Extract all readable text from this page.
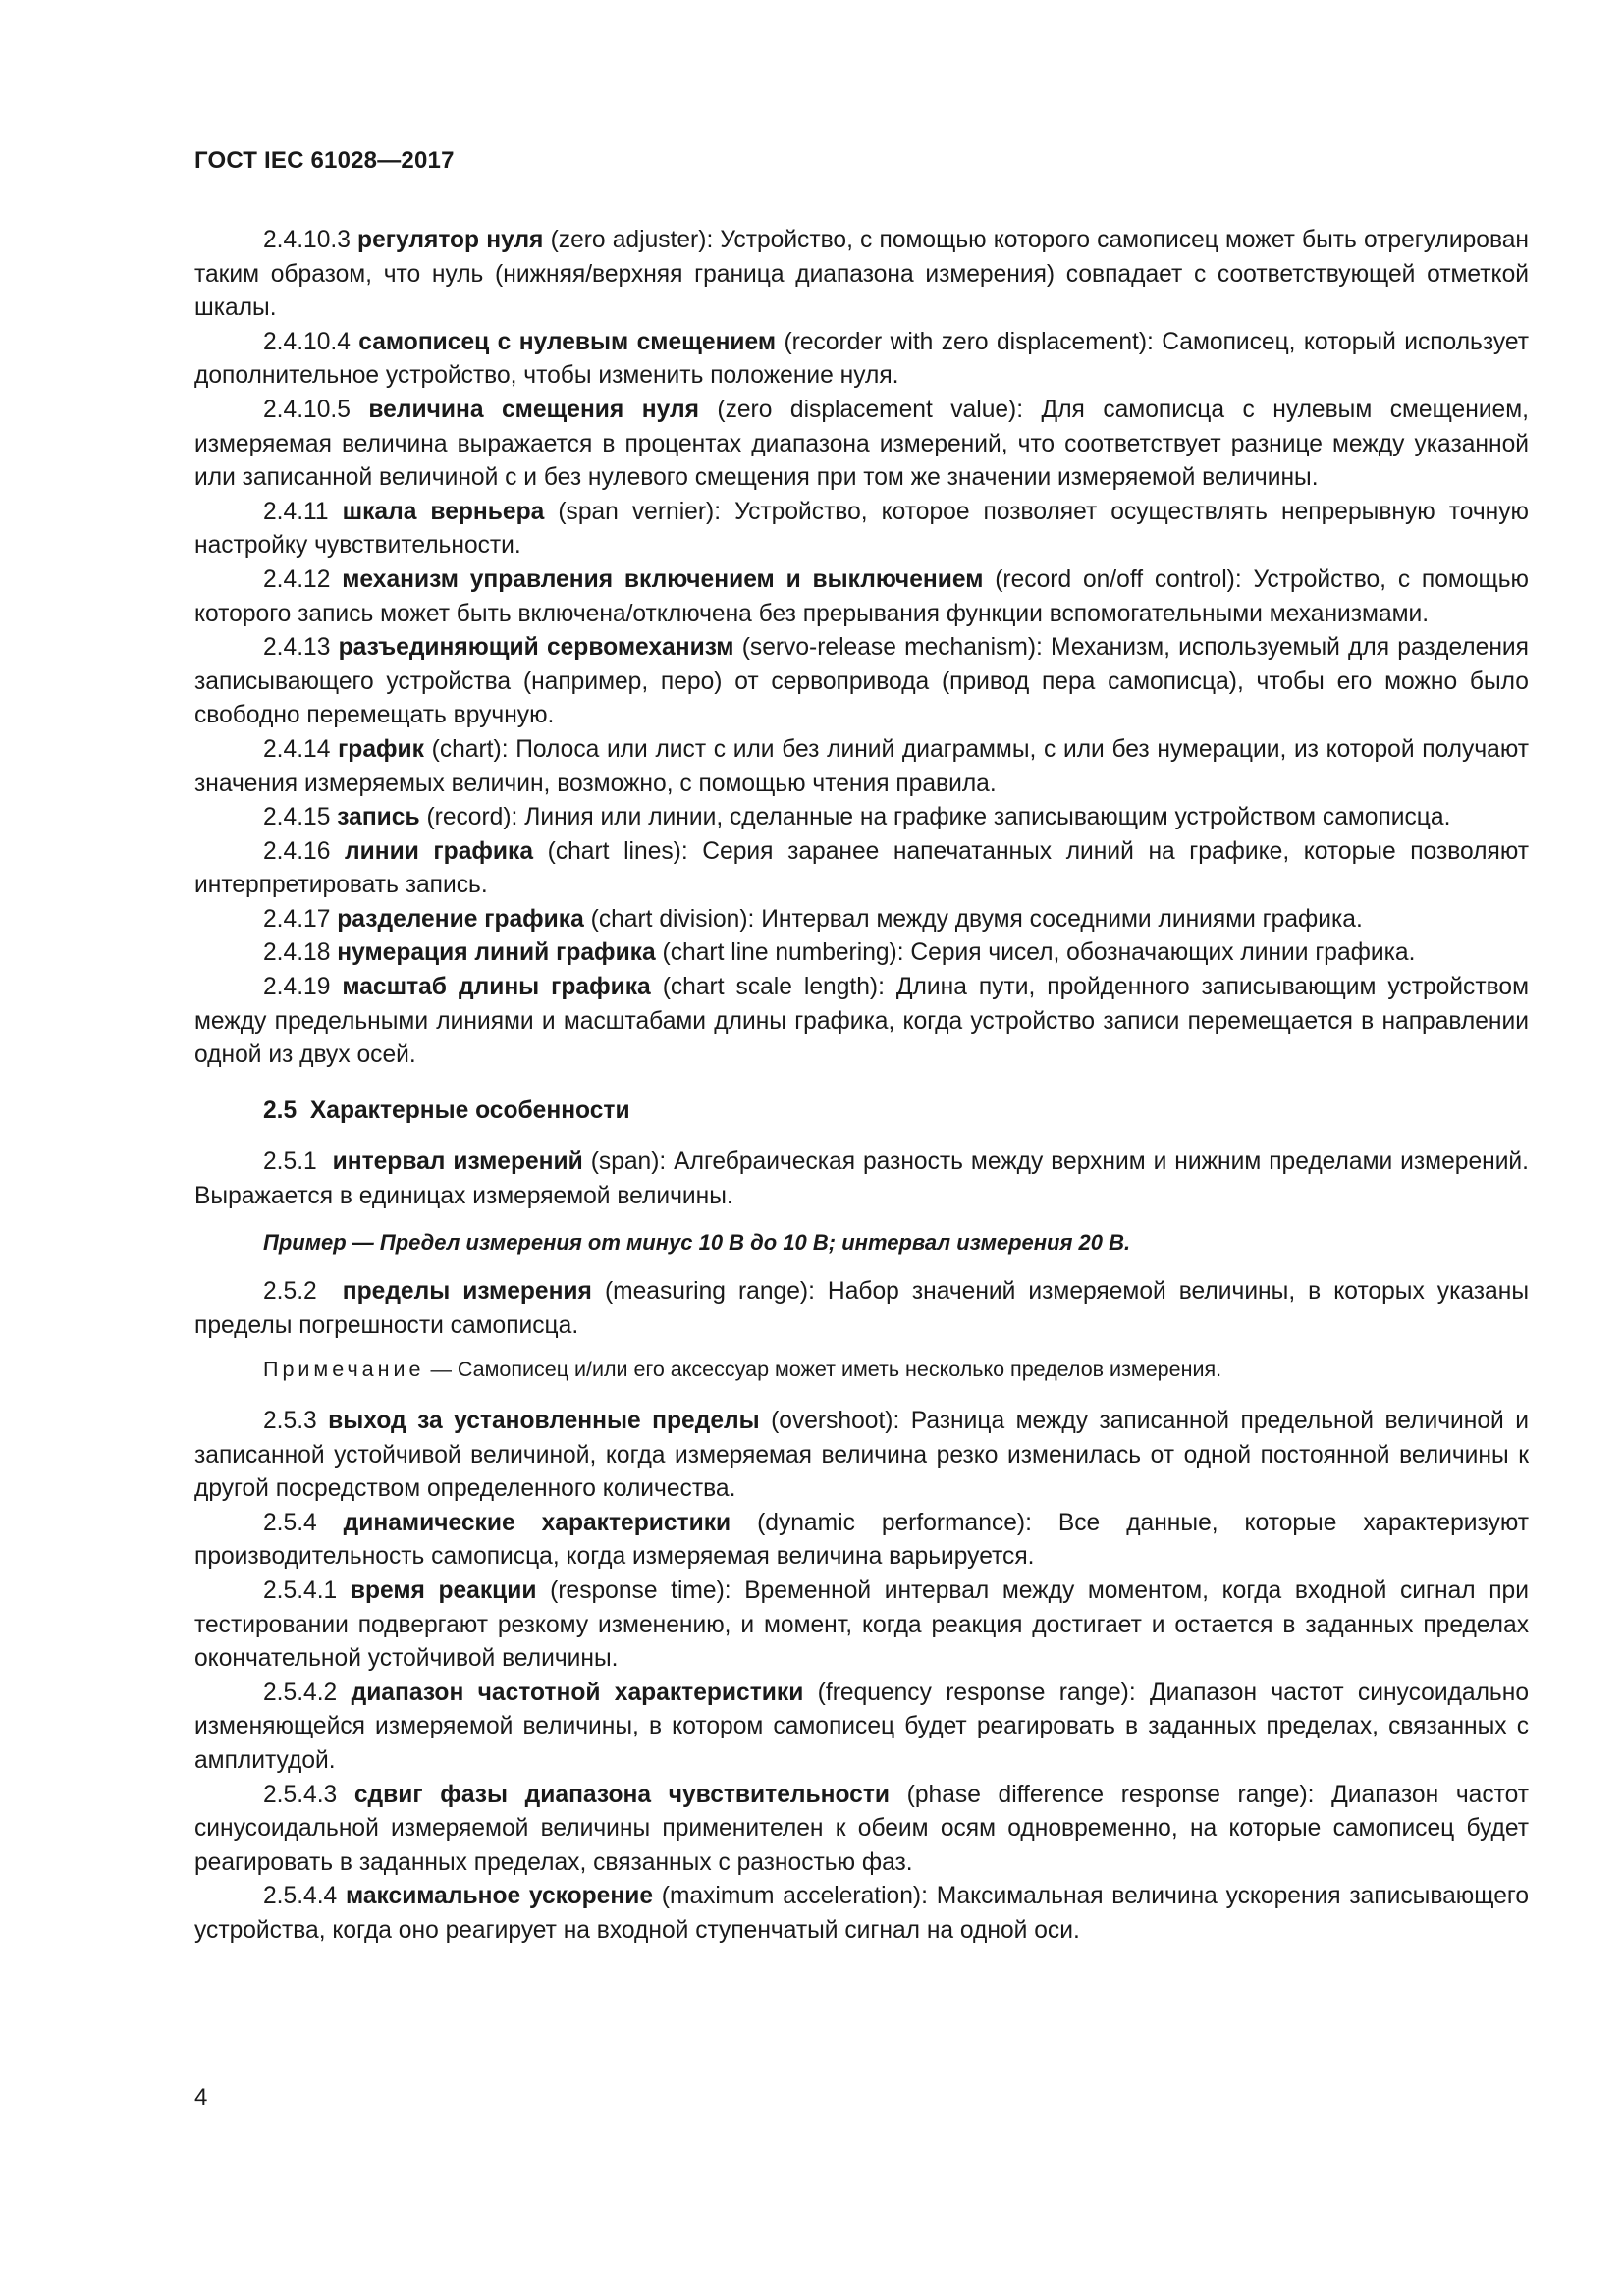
ГОСТ IEC 61028—2017

2.4.10.3 регулятор нуля (zero adjuster): Устройство, с помощью которого самописец может быть отрегулирован таким образом, что нуль (нижняя/верхняя граница диапазона измерения) совпадает с соответствующей отметкой шкалы.

2.4.10.4 самописец с нулевым смещением (recorder with zero displacement): Самописец, который использует дополнительное устройство, чтобы изменить положение нуля.

2.4.10.5 величина смещения нуля (zero displacement value): Для самописца с нулевым смещением, измеряемая величина выражается в процентах диапазона измерений, что соответствует разнице между указанной или записанной величиной с и без нулевого смещения при том же значении измеряемой величины.

2.4.11 шкала верньера (span vernier): Устройство, которое позволяет осуществлять непрерывную точную настройку чувствительности.

2.4.12 механизм управления включением и выключением (record on/off control): Устройство, с помощью которого запись может быть включена/отключена без прерывания функции вспомогательными механизмами.

2.4.13 разъединяющий сервомеханизм (servo-release mechanism): Механизм, используемый для разделения записывающего устройства (например, перо) от сервопривода (привод пера самописца), чтобы его можно было свободно перемещать вручную.

2.4.14 график (chart): Полоса или лист с или без линий диаграммы, с или без нумерации, из которой получают значения измеряемых величин, возможно, с помощью чтения правила.

2.4.15 запись (record): Линия или линии, сделанные на графике записывающим устройством самописца.

2.4.16 линии графика (chart lines): Серия заранее напечатанных линий на графике, которые позволяют интерпретировать запись.

2.4.17 разделение графика (chart division): Интервал между двумя соседними линиями графика.

2.4.18 нумерация линий графика (chart line numbering): Серия чисел, обозначающих линии графика.

2.4.19 масштаб длины графика (chart scale length): Длина пути, пройденного записывающим устройством между предельными линиями и масштабами длины графика, когда устройство записи перемещается в направлении одной из двух осей.

2.5 Характерные особенности

2.5.1 интервал измерений (span): Алгебраическая разность между верхним и нижним пределами измерений. Выражается в единицах измеряемой величины.

Пример — Предел измерения от минус 10 В до 10 В; интервал измерения 20 В.

2.5.2 пределы измерения (measuring range): Набор значений измеряемой величины, в которых указаны пределы погрешности самописца.

Примечание — Самописец и/или его аксессуар может иметь несколько пределов измерения.

2.5.3 выход за установленные пределы (overshoot): Разница между записанной предельной величиной и записанной устойчивой величиной, когда измеряемая величина резко изменилась от одной постоянной величины к другой посредством определенного количества.

2.5.4 динамические характеристики (dynamic performance): Все данные, которые характеризуют производительность самописца, когда измеряемая величина варьируется.

2.5.4.1 время реакции (response time): Временной интервал между моментом, когда входной сигнал при тестировании подвергают резкому изменению, и момент, когда реакция достигает и остается в заданных пределах окончательной устойчивой величины.

2.5.4.2 диапазон частотной характеристики (frequency response range): Диапазон частот синусоидально изменяющейся измеряемой величины, в котором самописец будет реагировать в заданных пределах, связанных с амплитудой.

2.5.4.3 сдвиг фазы диапазона чувствительности (phase difference response range): Диапазон частот синусоидальной измеряемой величины применителен к обеим осям одновременно, на которые самописец будет реагировать в заданных пределах, связанных с разностью фаз.

2.5.4.4 максимальное ускорение (maximum acceleration): Максимальная величина ускорения записывающего устройства, когда оно реагирует на входной ступенчатый сигнал на одной оси.

4
